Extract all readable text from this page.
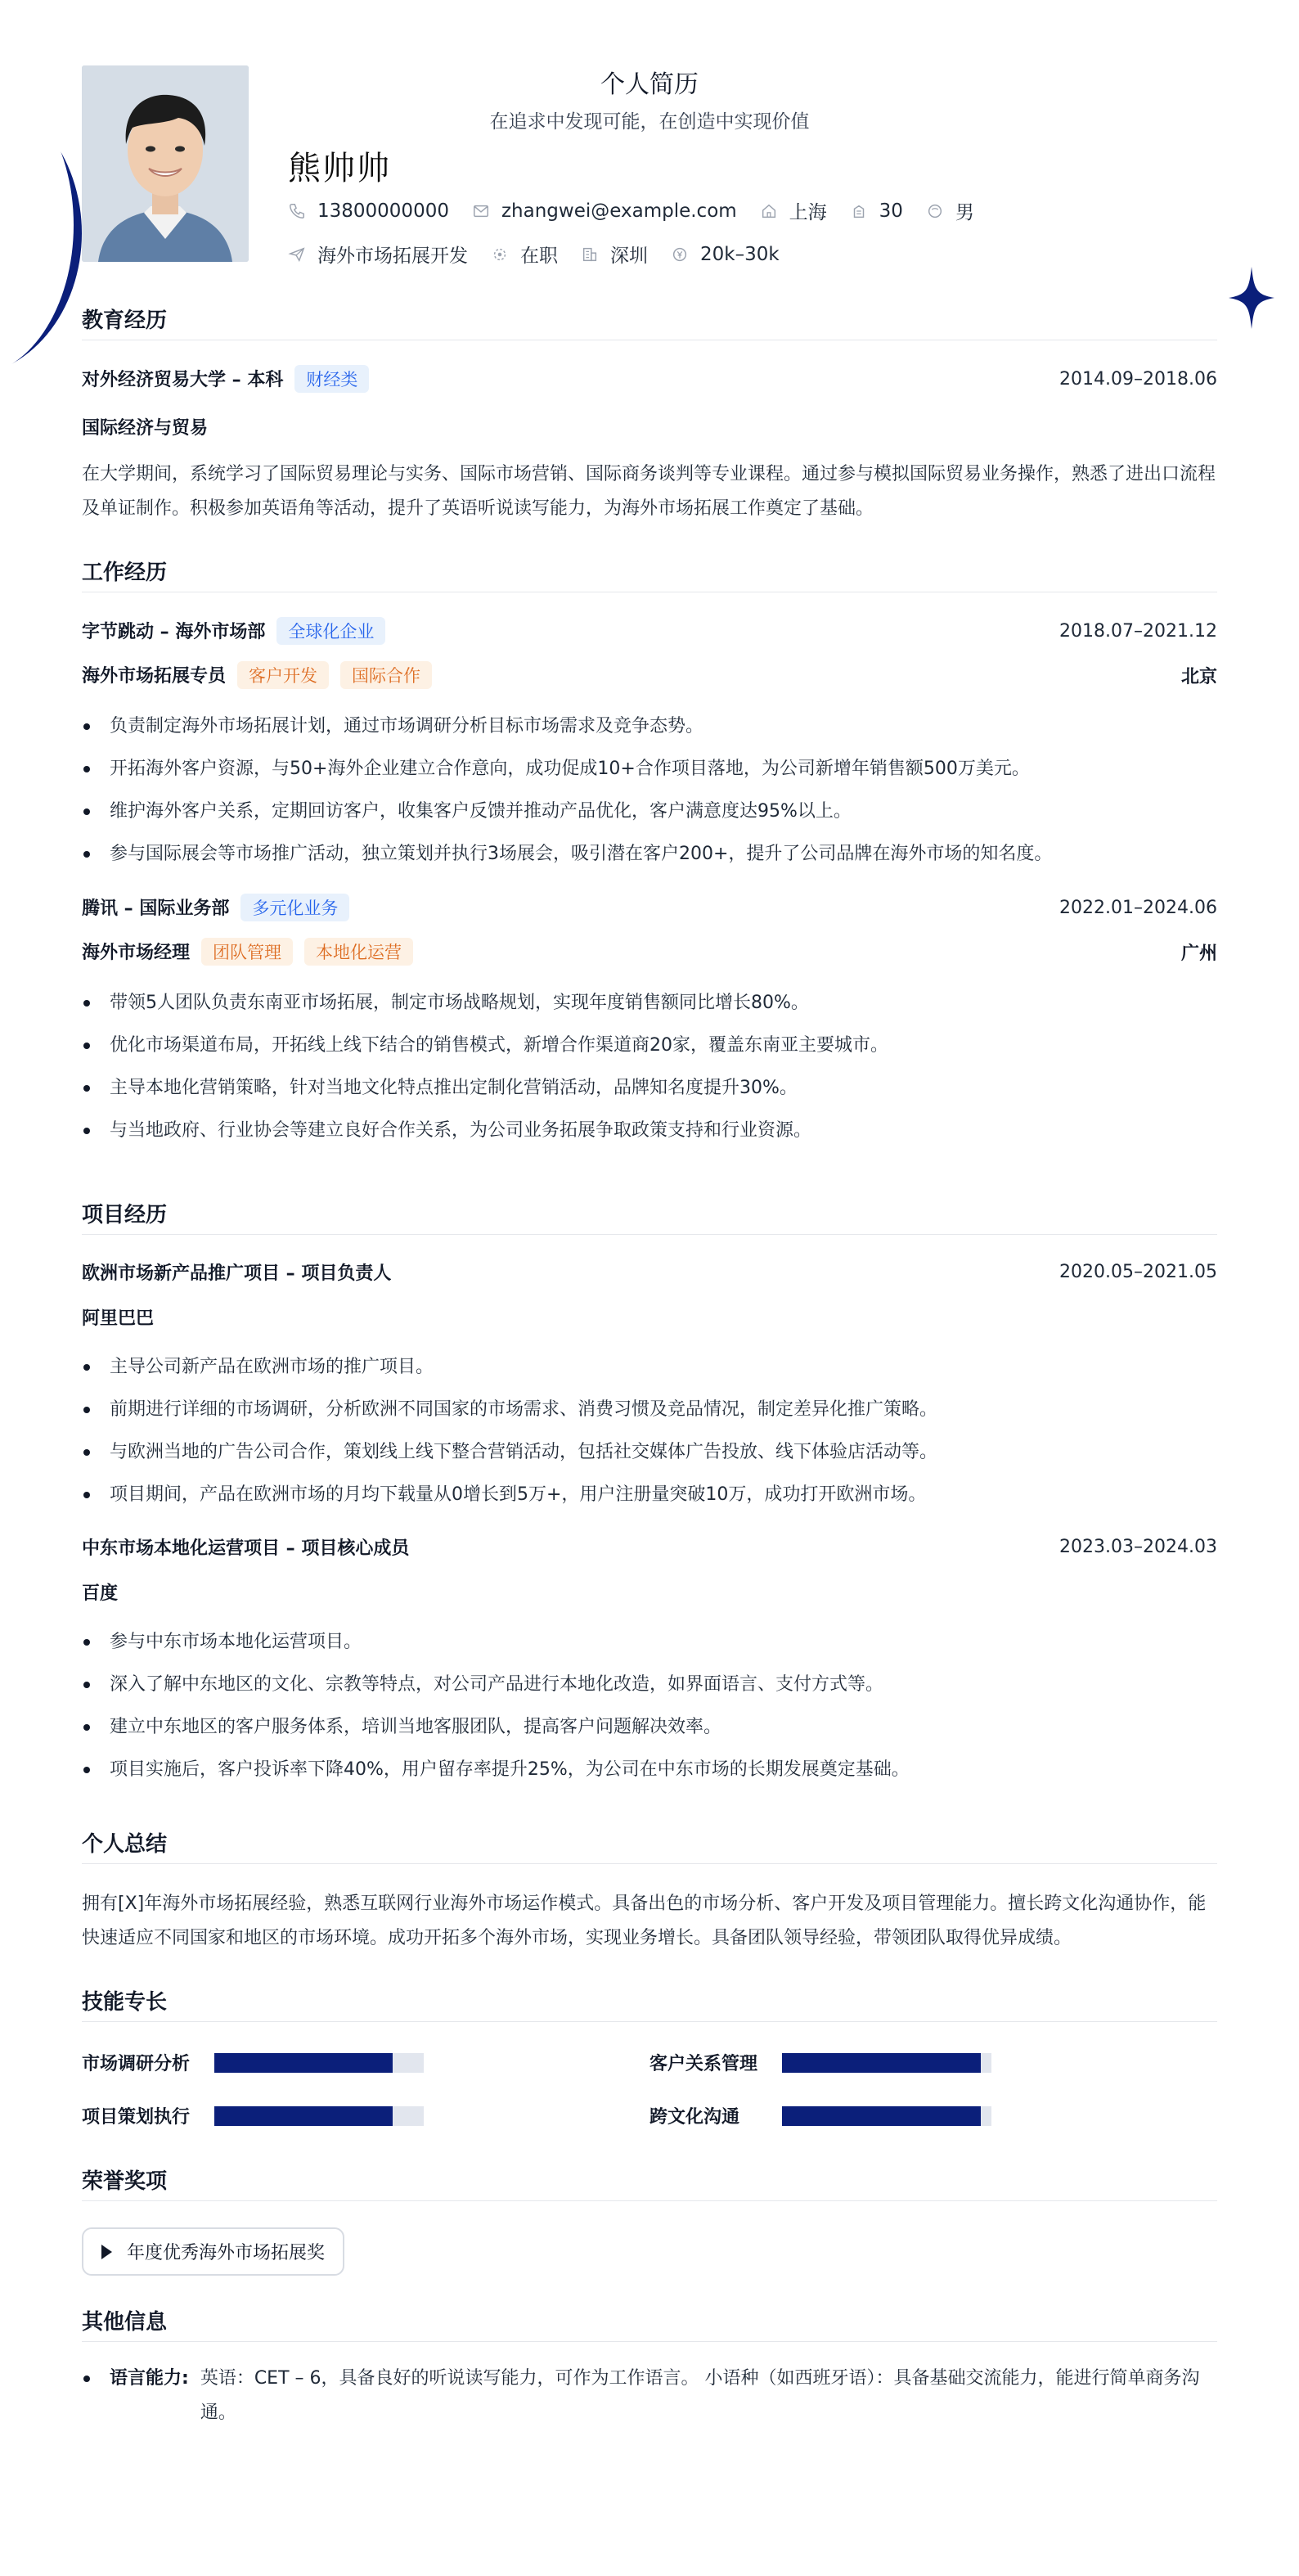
个人简历
在追求中发现可能，在创造中实现价值
熊帅帅
13800000000	zhangwei@example.com	上海	30	男
海外市场拓展开发	在职	深圳	20k–30k
教育经历
对外经济贸易大学 – 本科 财经类	2014.09–2018.06
国际经济与贸易
在大学期间，系统学习了国际贸易理论与实务、国际市场营销、国际商务谈判等专业课程。通过参与模拟国际贸易业务操作，熟悉了进出口流程及单证制作。积极参加英语角等活动，提升了英语听说读写能力，为海外市场拓展工作奠定了基础。
工作经历
字节跳动 – 海外市场部 全球化企业	2018.07–2021.12
海外市场拓展专员 客户开发 国际合作	北京
负责制定海外市场拓展计划，通过市场调研分析目标市场需求及竞争态势。
开拓海外客户资源，与50+海外企业建立合作意向，成功促成10+合作项目落地，为公司新增年销售额500万美元。
维护海外客户关系，定期回访客户，收集客户反馈并推动产品优化，客户满意度达95%以上。
参与国际展会等市场推广活动，独立策划并执行3场展会，吸引潜在客户200+，提升了公司品牌在海外市场的知名度。
腾讯 – 国际业务部 多元化业务	2022.01–2024.06
海外市场经理 团队管理 本地化运营	广州
带领5人团队负责东南亚市场拓展，制定市场战略规划，实现年度销售额同比增长80%。
优化市场渠道布局，开拓线上线下结合的销售模式，新增合作渠道商20家，覆盖东南亚主要城市。
主导本地化营销策略，针对当地文化特点推出定制化营销活动，品牌知名度提升30%。
与当地政府、行业协会等建立良好合作关系，为公司业务拓展争取政策支持和行业资源。
项目经历
欧洲市场新产品推广项目 – 项目负责人	2020.05–2021.05
阿里巴巴
主导公司新产品在欧洲市场的推广项目。
前期进行详细的市场调研，分析欧洲不同国家的市场需求、消费习惯及竞品情况，制定差异化推广策略。
与欧洲当地的广告公司合作，策划线上线下整合营销活动，包括社交媒体广告投放、线下体验店活动等。
项目期间，产品在欧洲市场的月均下载量从0增长到5万+，用户注册量突破10万，成功打开欧洲市场。
中东市场本地化运营项目 – 项目核心成员	2023.03–2024.03
百度
参与中东市场本地化运营项目。
深入了解中东地区的文化、宗教等特点，对公司产品进行本地化改造，如界面语言、支付方式等。
建立中东地区的客户服务体系，培训当地客服团队，提高客户问题解决效率。
项目实施后，客户投诉率下降40%，用户留存率提升25%，为公司在中东市场的长期发展奠定基础。
个人总结
拥有[X]年海外市场拓展经验，熟悉互联网行业海外市场运作模式。具备出色的市场分析、客户开发及项目管理能力。擅长跨文化沟通协作，能快速适应不同国家和地区的市场环境。成功开拓多个海外市场，实现业务增长。具备团队领导经验，带领团队取得优异成绩。
技能专长
市场调研分析	客户关系管理
项目策划执行	跨文化沟通
荣誉奖项
年度优秀海外市场拓展奖
其他信息
语言能力: 英语：CET – 6，具备良好的听说读写能力，可作为工作语言。 小语种（如西班牙语）：具备基础交流能力，能进行简单商务沟通。
